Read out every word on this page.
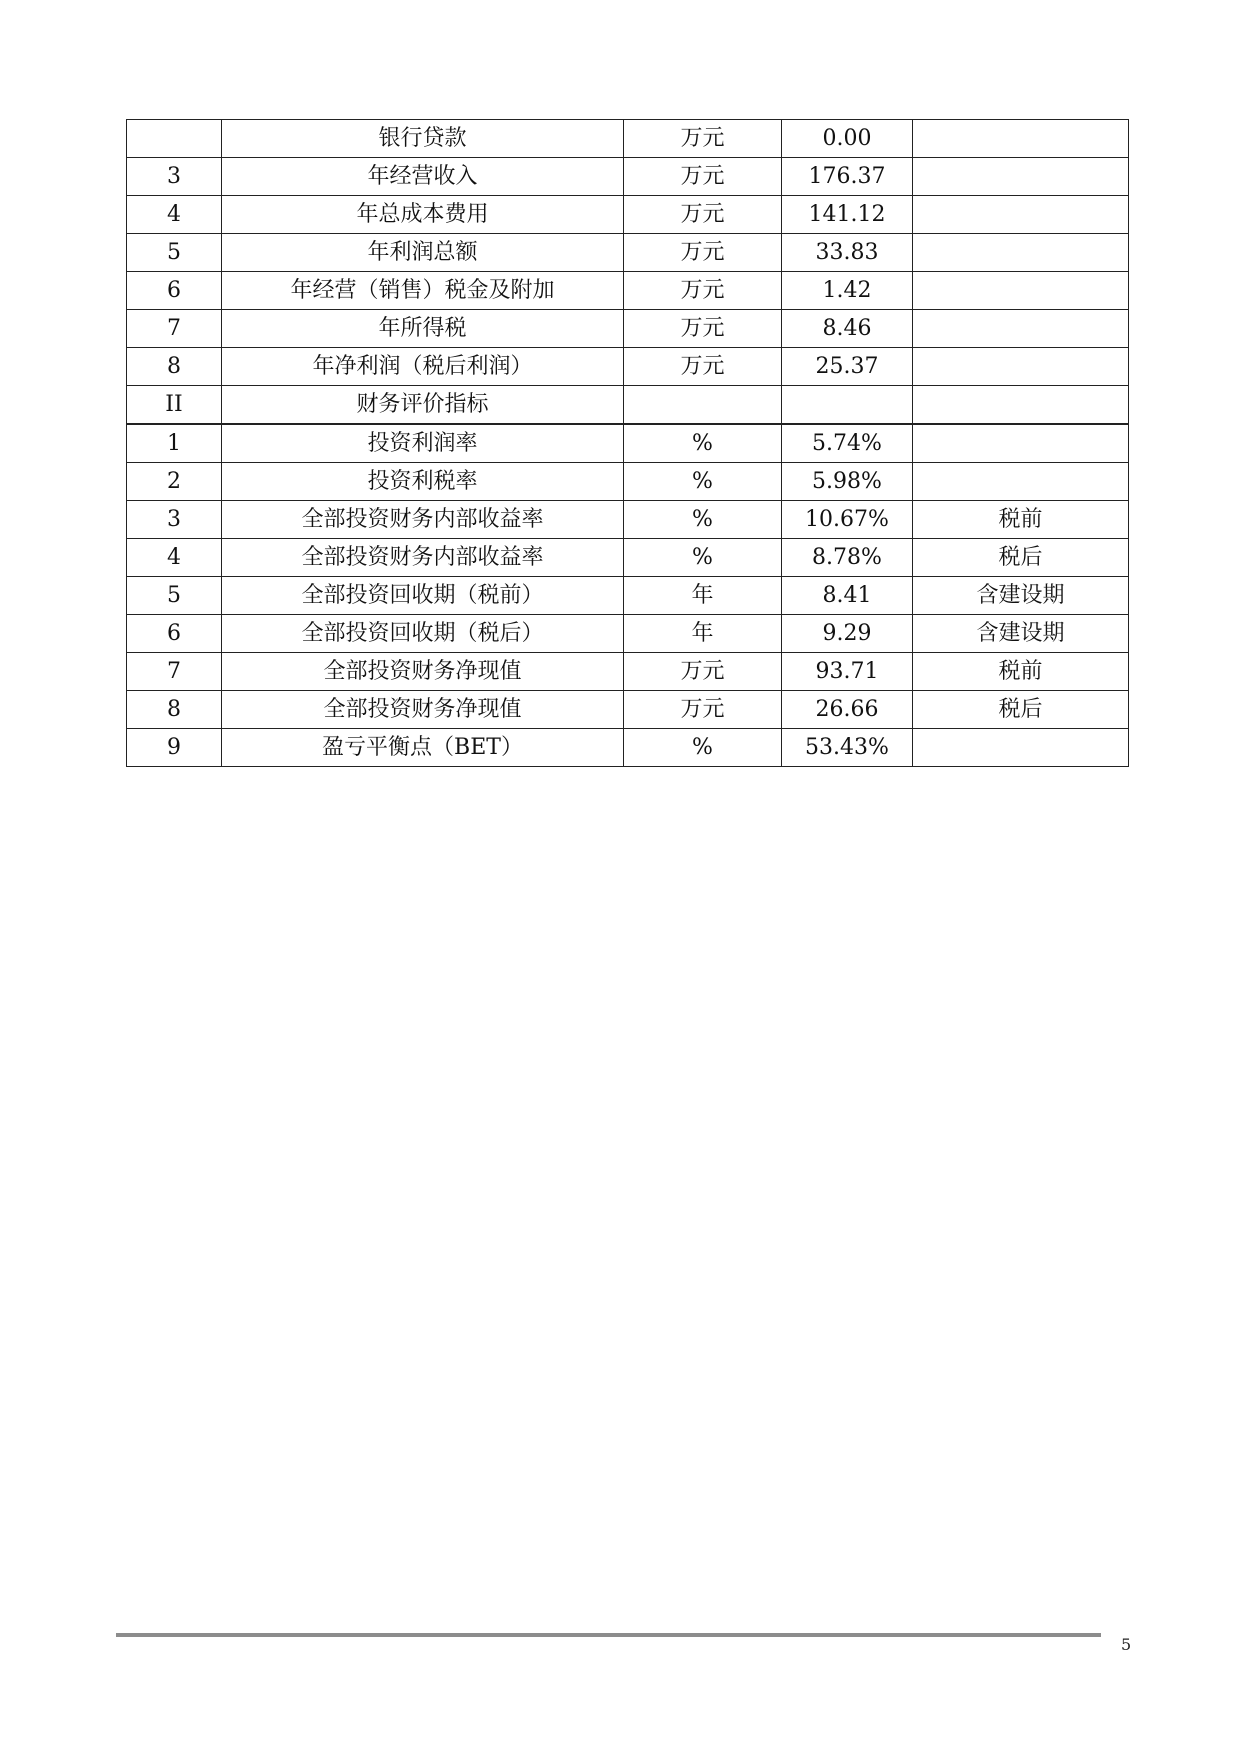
	银行贷款	万元	0.00	
3	年经营收入	万元	176.37	
4	年总成本费用	万元	141.12	
5	年利润总额	万元	33.83	
6	年经营（销售）税金及附加	万元	1.42	
7	年所得税	万元	8.46	
8	年净利润（税后利润）	万元	25.37	
II	财务评价指标			
1	投资利润率	%	5.74%	
2	投资利税率	%	5.98%	
3	全部投资财务内部收益率	%	10.67%	税前
4	全部投资财务内部收益率	%	8.78%	税后
5	全部投资回收期（税前）	年	8.41	含建设期
6	全部投资回收期（税后）	年	9.29	含建设期
7	全部投资财务净现值	万元	93.71	税前
8	全部投资财务净现值	万元	26.66	税后
9	盈亏平衡点（BET）	%	53.43%	
5
